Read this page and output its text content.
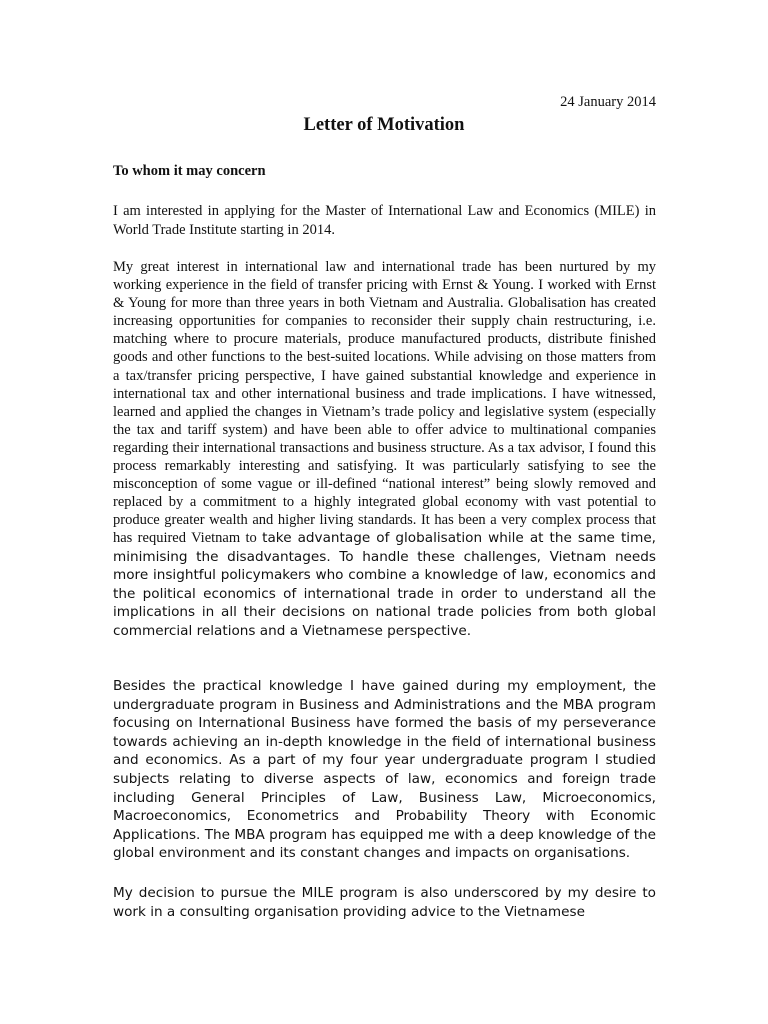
24 January 2014
Letter of Motivation
To whom it may concern

I am interested in applying for the Master of International Law and Economics (MILE) in World Trade Institute starting in 2014.

My great interest in international law and international trade has been nurtured by my working experience in the field of transfer pricing with Ernst & Young. I worked with Ernst & Young for more than three years in both Vietnam and Australia. Globalisation has created increasing opportunities for companies to reconsider their supply chain restructuring, i.e. matching where to procure materials, produce manufactured products, distribute finished goods and other functions to the best-suited locations. While advising on those matters from a tax/transfer pricing perspective, I have gained substantial knowledge and experience in international tax and other international business and trade implications. I have witnessed, learned and applied the changes in Vietnam’s trade policy and legislative system (especially the tax and tariff system) and have been able to offer advice to multinational companies regarding their international transactions and business structure. As a tax advisor, I found this process remarkably interesting and satisfying. It was particularly satisfying to see the misconception of some vague or ill-defined “national interest” being slowly removed and replaced by a commitment to a highly integrated global economy with vast potential to produce greater wealth and higher living standards. It has been a very complex process that has required Vietnam to take advantage of globalisation while at the same time, minimising the disadvantages. To handle these challenges, Vietnam needs more insightful policymakers who combine a knowledge of law, economics and the political economics of international trade in order to understand all the implications in all their decisions on national trade policies from both global commercial relations and a Vietnamese perspective.

Besides the practical knowledge I have gained during my employment, the undergraduate program in Business and Administrations and the MBA program focusing on International Business have formed the basis of my perseverance towards achieving an in-depth knowledge in the field of international business and economics. As a part of my four year undergraduate program I studied subjects relating to diverse aspects of law, economics and foreign trade including General Principles of Law, Business Law, Microeconomics, Macroeconomics, Econometrics and Probability Theory with Economic Applications. The MBA program has equipped me with a deep knowledge of the global environment and its constant changes and impacts on organisations.

My decision to pursue the MILE program is also underscored by my desire to work in a consulting organisation providing advice to the Vietnamese
